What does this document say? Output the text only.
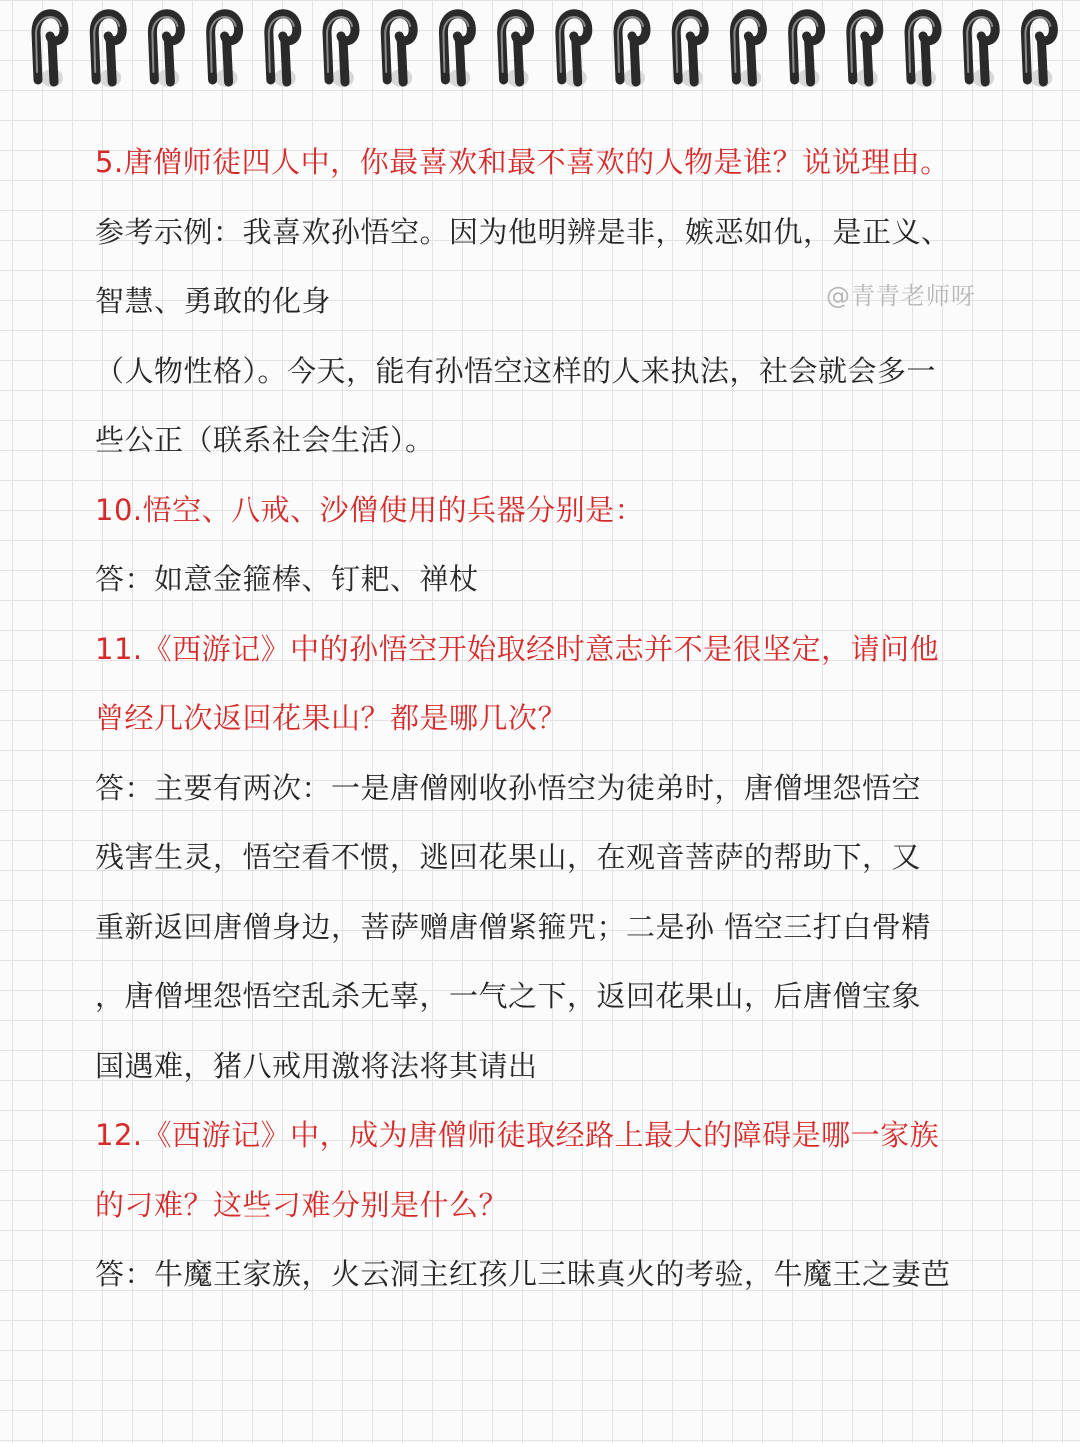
@青青老师呀
5.唐僧师徒四人中，你最喜欢和最不喜欢的人物是谁？说说理由。
参考示例：我喜欢孙悟空。因为他明辨是非，嫉恶如仇，是正义、
智慧、勇敢的化身
（人物性格）。今天，能有孙悟空这样的人来执法，社会就会多一
些公正（联系社会生活）。
10.悟空、八戒、沙僧使用的兵器分别是：
答：如意金箍棒、钉耙、禅杖
11.《西游记》中的孙悟空开始取经时意志并不是很坚定，请问他
曾经几次返回花果山？都是哪几次？
答：主要有两次：一是唐僧刚收孙悟空为徒弟时，唐僧埋怨悟空
残害生灵，悟空看不惯，逃回花果山，在观音菩萨的帮助下，又
重新返回唐僧身边，菩萨赠唐僧紧箍咒；二是孙 悟空三打白骨精
，唐僧埋怨悟空乱杀无辜，一气之下，返回花果山，后唐僧宝象
国遇难，猪八戒用激将法将其请出
12.《西游记》中，成为唐僧师徒取经路上最大的障碍是哪一家族
的刁难？这些刁难分别是什么？
答：牛魔王家族，火云洞主红孩儿三昧真火的考验，牛魔王之妻芭
